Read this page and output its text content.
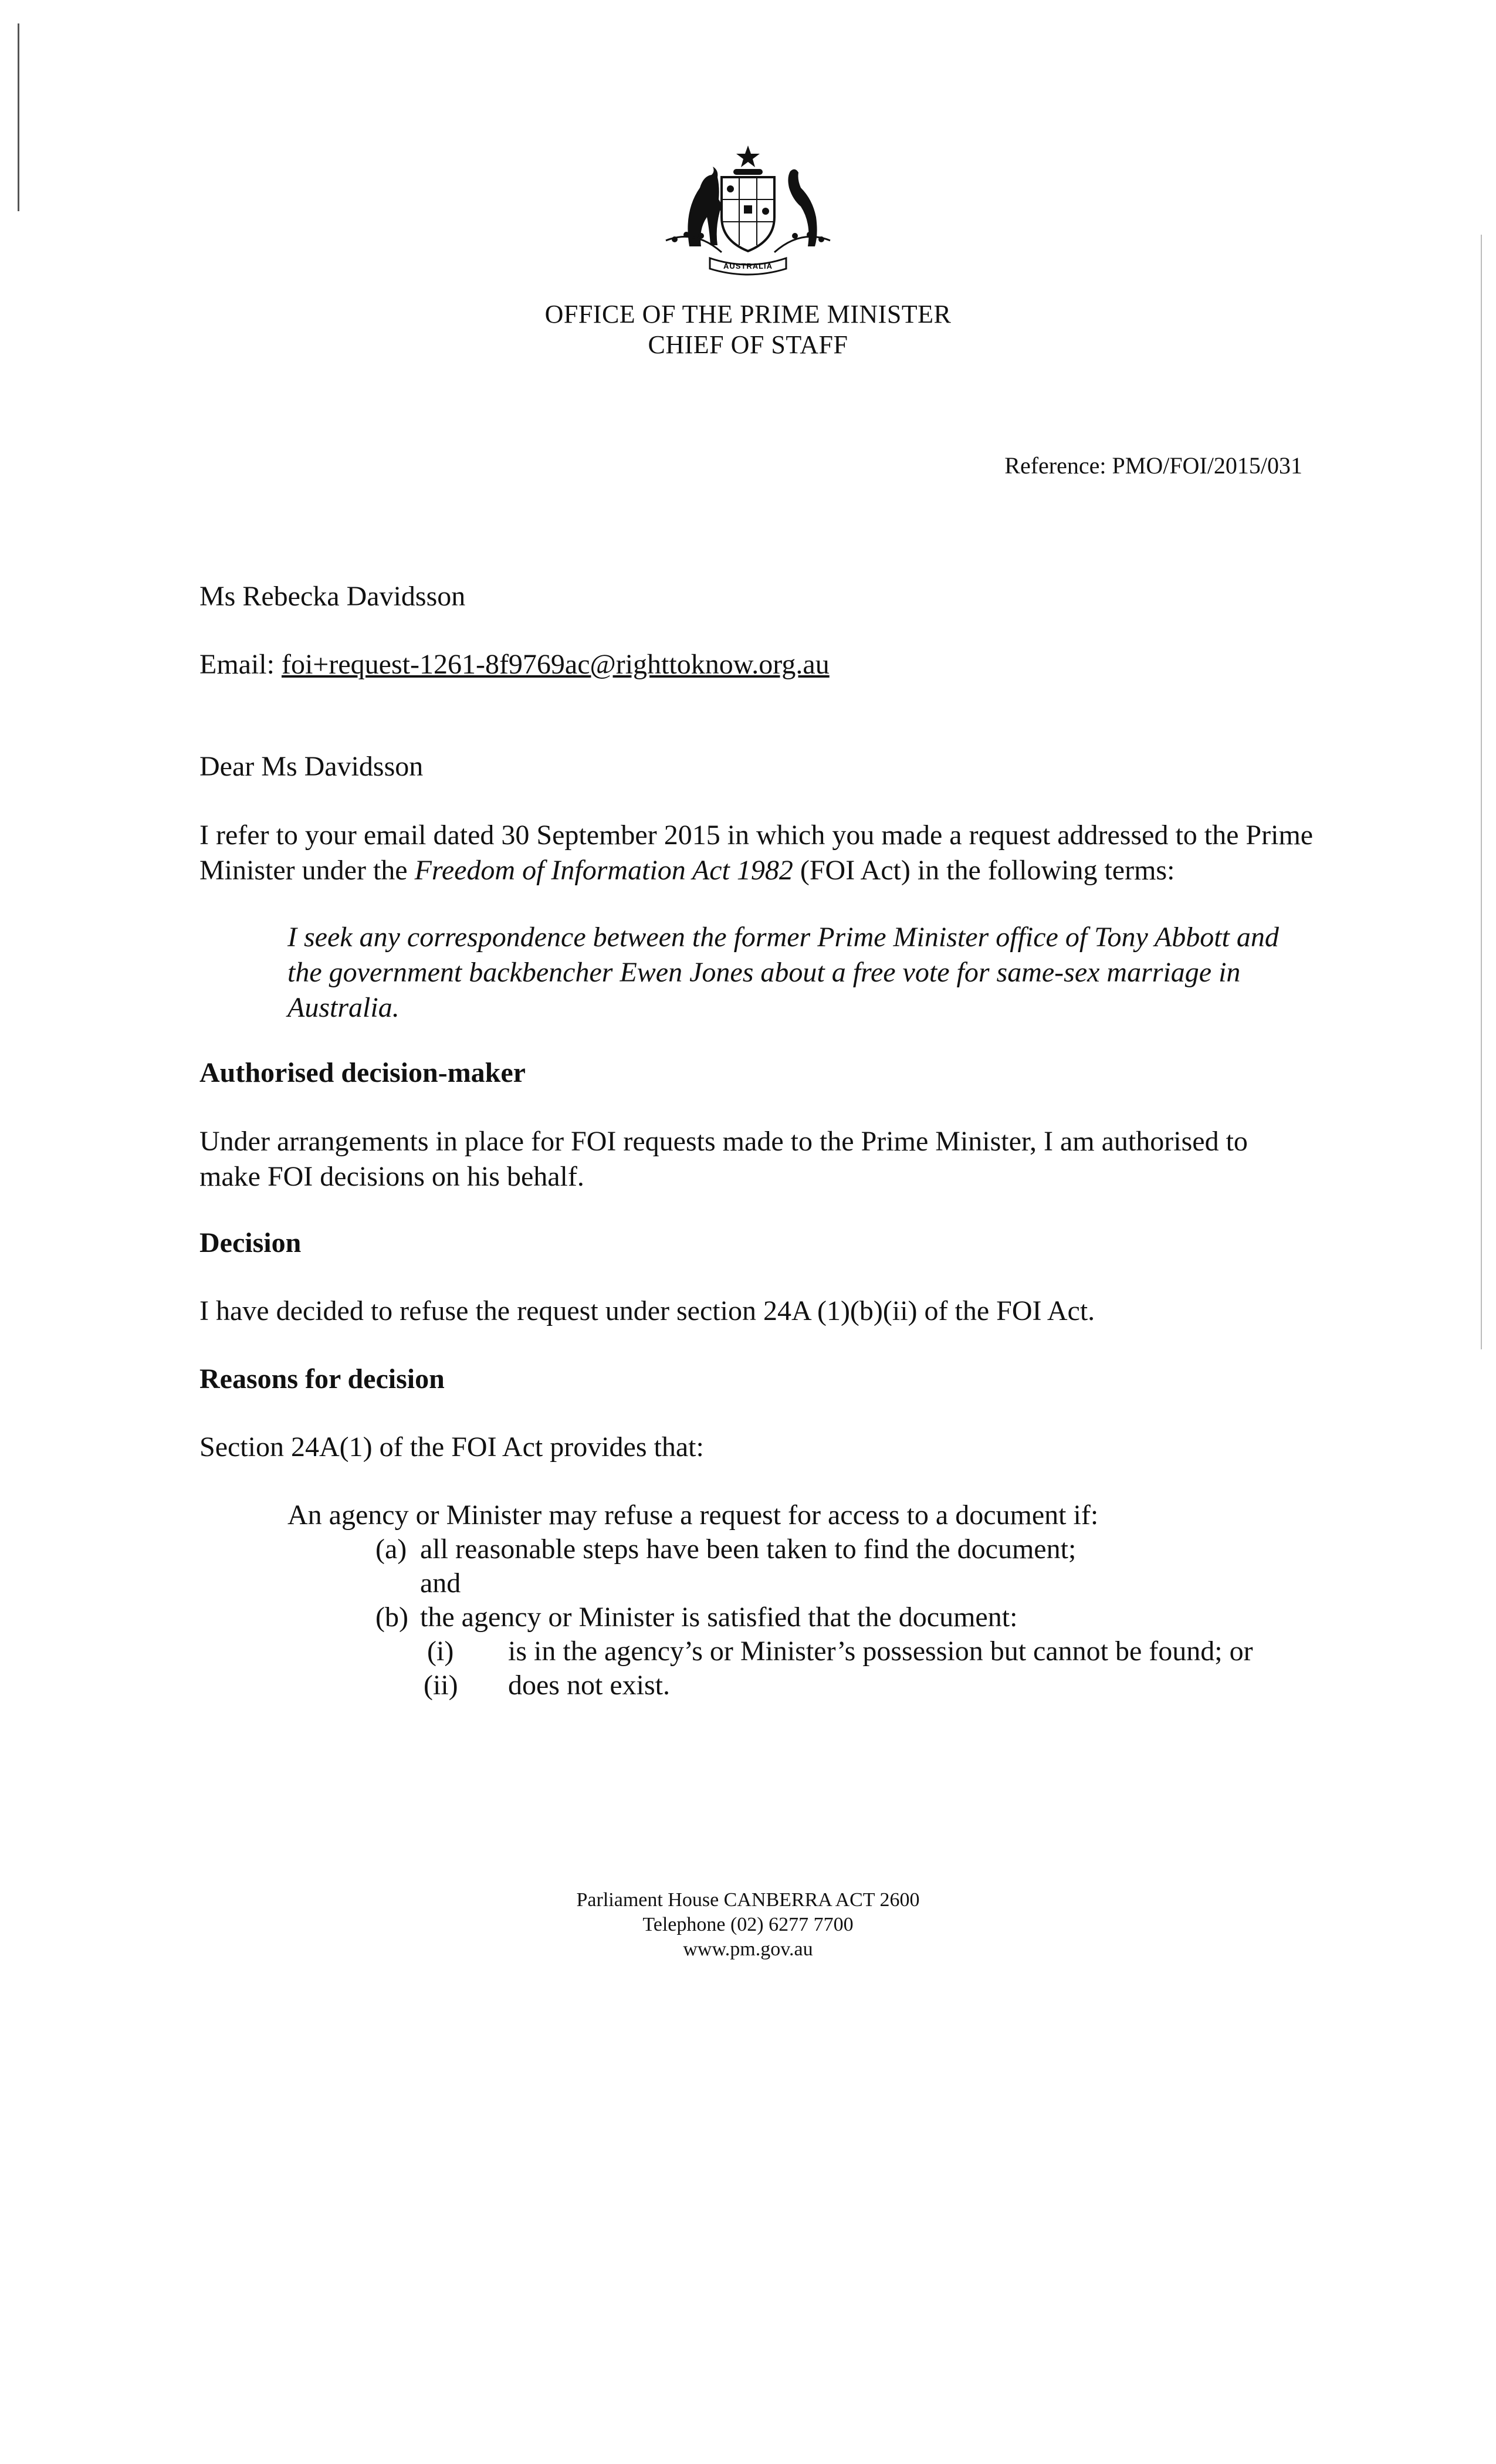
AUSTRALIA
OFFICE OF THE PRIME MINISTER
CHIEF OF STAFF
Reference: PMO/FOI/2015/031
Ms Rebecka Davidsson
Email: foi+request-1261-8f9769ac@righttoknow.org.au
Dear Ms Davidsson
I refer to your email dated 30 September 2015 in which you made a request addressed to the Prime Minister under the Freedom of Information Act 1982 (FOI Act) in the following terms:
I seek any correspondence between the former Prime Minister office of Tony Abbott and the government backbencher Ewen Jones about a free vote for same-sex marriage in Australia.
Authorised decision-maker
Under arrangements in place for FOI requests made to the Prime Minister, I am authorised to make FOI decisions on his behalf.
Decision
I have decided to refuse the request under section 24A (1)(b)(ii) of the FOI Act.
Reasons for decision
Section 24A(1) of the FOI Act provides that:
An agency or Minister may refuse a request for access to a document if:
(a) all reasonable steps have been taken to find the document;
and
(b) the agency or Minister is satisfied that the document:
(i) is in the agency’s or Minister’s possession but cannot be found; or
(ii) does not exist.
Parliament House CANBERRA ACT 2600
Telephone (02) 6277 7700
www.pm.gov.au
